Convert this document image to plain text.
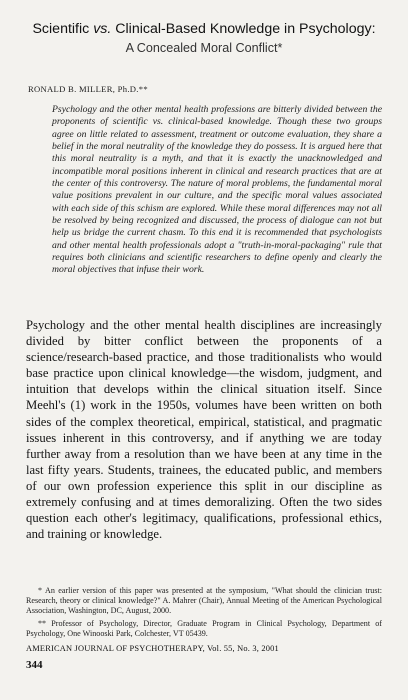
Scientific vs. Clinical-Based Knowledge in Psychology:
A Concealed Moral Conflict*
RONALD B. MILLER, Ph.D.**
Psychology and the other mental health professions are bitterly divided between the proponents of scientific vs. clinical-based knowledge. Though these two groups agree on little related to assessment, treatment or outcome evaluation, they share a belief in the moral neutrality of the knowledge they do possess. It is argued here that this moral neutrality is a myth, and that it is exactly the unacknowledged and incompatible moral positions inherent in clinical and research practices that are at the center of this controversy. The nature of moral problems, the fundamental moral value positions prevalent in our culture, and the specific moral values associated with each side of this schism are explored. While these moral differences may not all be resolved by being recognized and discussed, the process of dialogue can not but help us bridge the current chasm. To this end it is recommended that psychologists and other mental health professionals adopt a "truth-in-moral-packaging" rule that requires both clinicians and scientific researchers to define openly and clearly the moral objectives that infuse their work.
Psychology and the other mental health disciplines are increasingly divided by bitter conflict between the proponents of a science/research-based practice, and those traditionalists who would base practice upon clinical knowledge—the wisdom, judgment, and intuition that develops within the clinical situation itself. Since Meehl's (1) work in the 1950s, volumes have been written on both sides of the complex theoretical, empirical, statistical, and pragmatic issues inherent in this controversy, and if anything we are today further away from a resolution than we have been at any time in the last fifty years. Students, trainees, the educated public, and members of our own profession experience this split in our discipline as extremely confusing and at times demoralizing. Often the two sides question each other's legitimacy, qualifications, professional ethics, and training or knowledge.
* An earlier version of this paper was presented at the symposium, "What should the clinician trust: Research, theory or clinical knowledge?" A. Mahrer (Chair), Annual Meeting of the American Psychological Association, Washington, DC, August, 2000.
** Professor of Psychology, Director, Graduate Program in Clinical Psychology, Department of Psychology, One Winooski Park, Colchester, VT 05439.
AMERICAN JOURNAL OF PSYCHOTHERAPY, Vol. 55, No. 3, 2001
344
